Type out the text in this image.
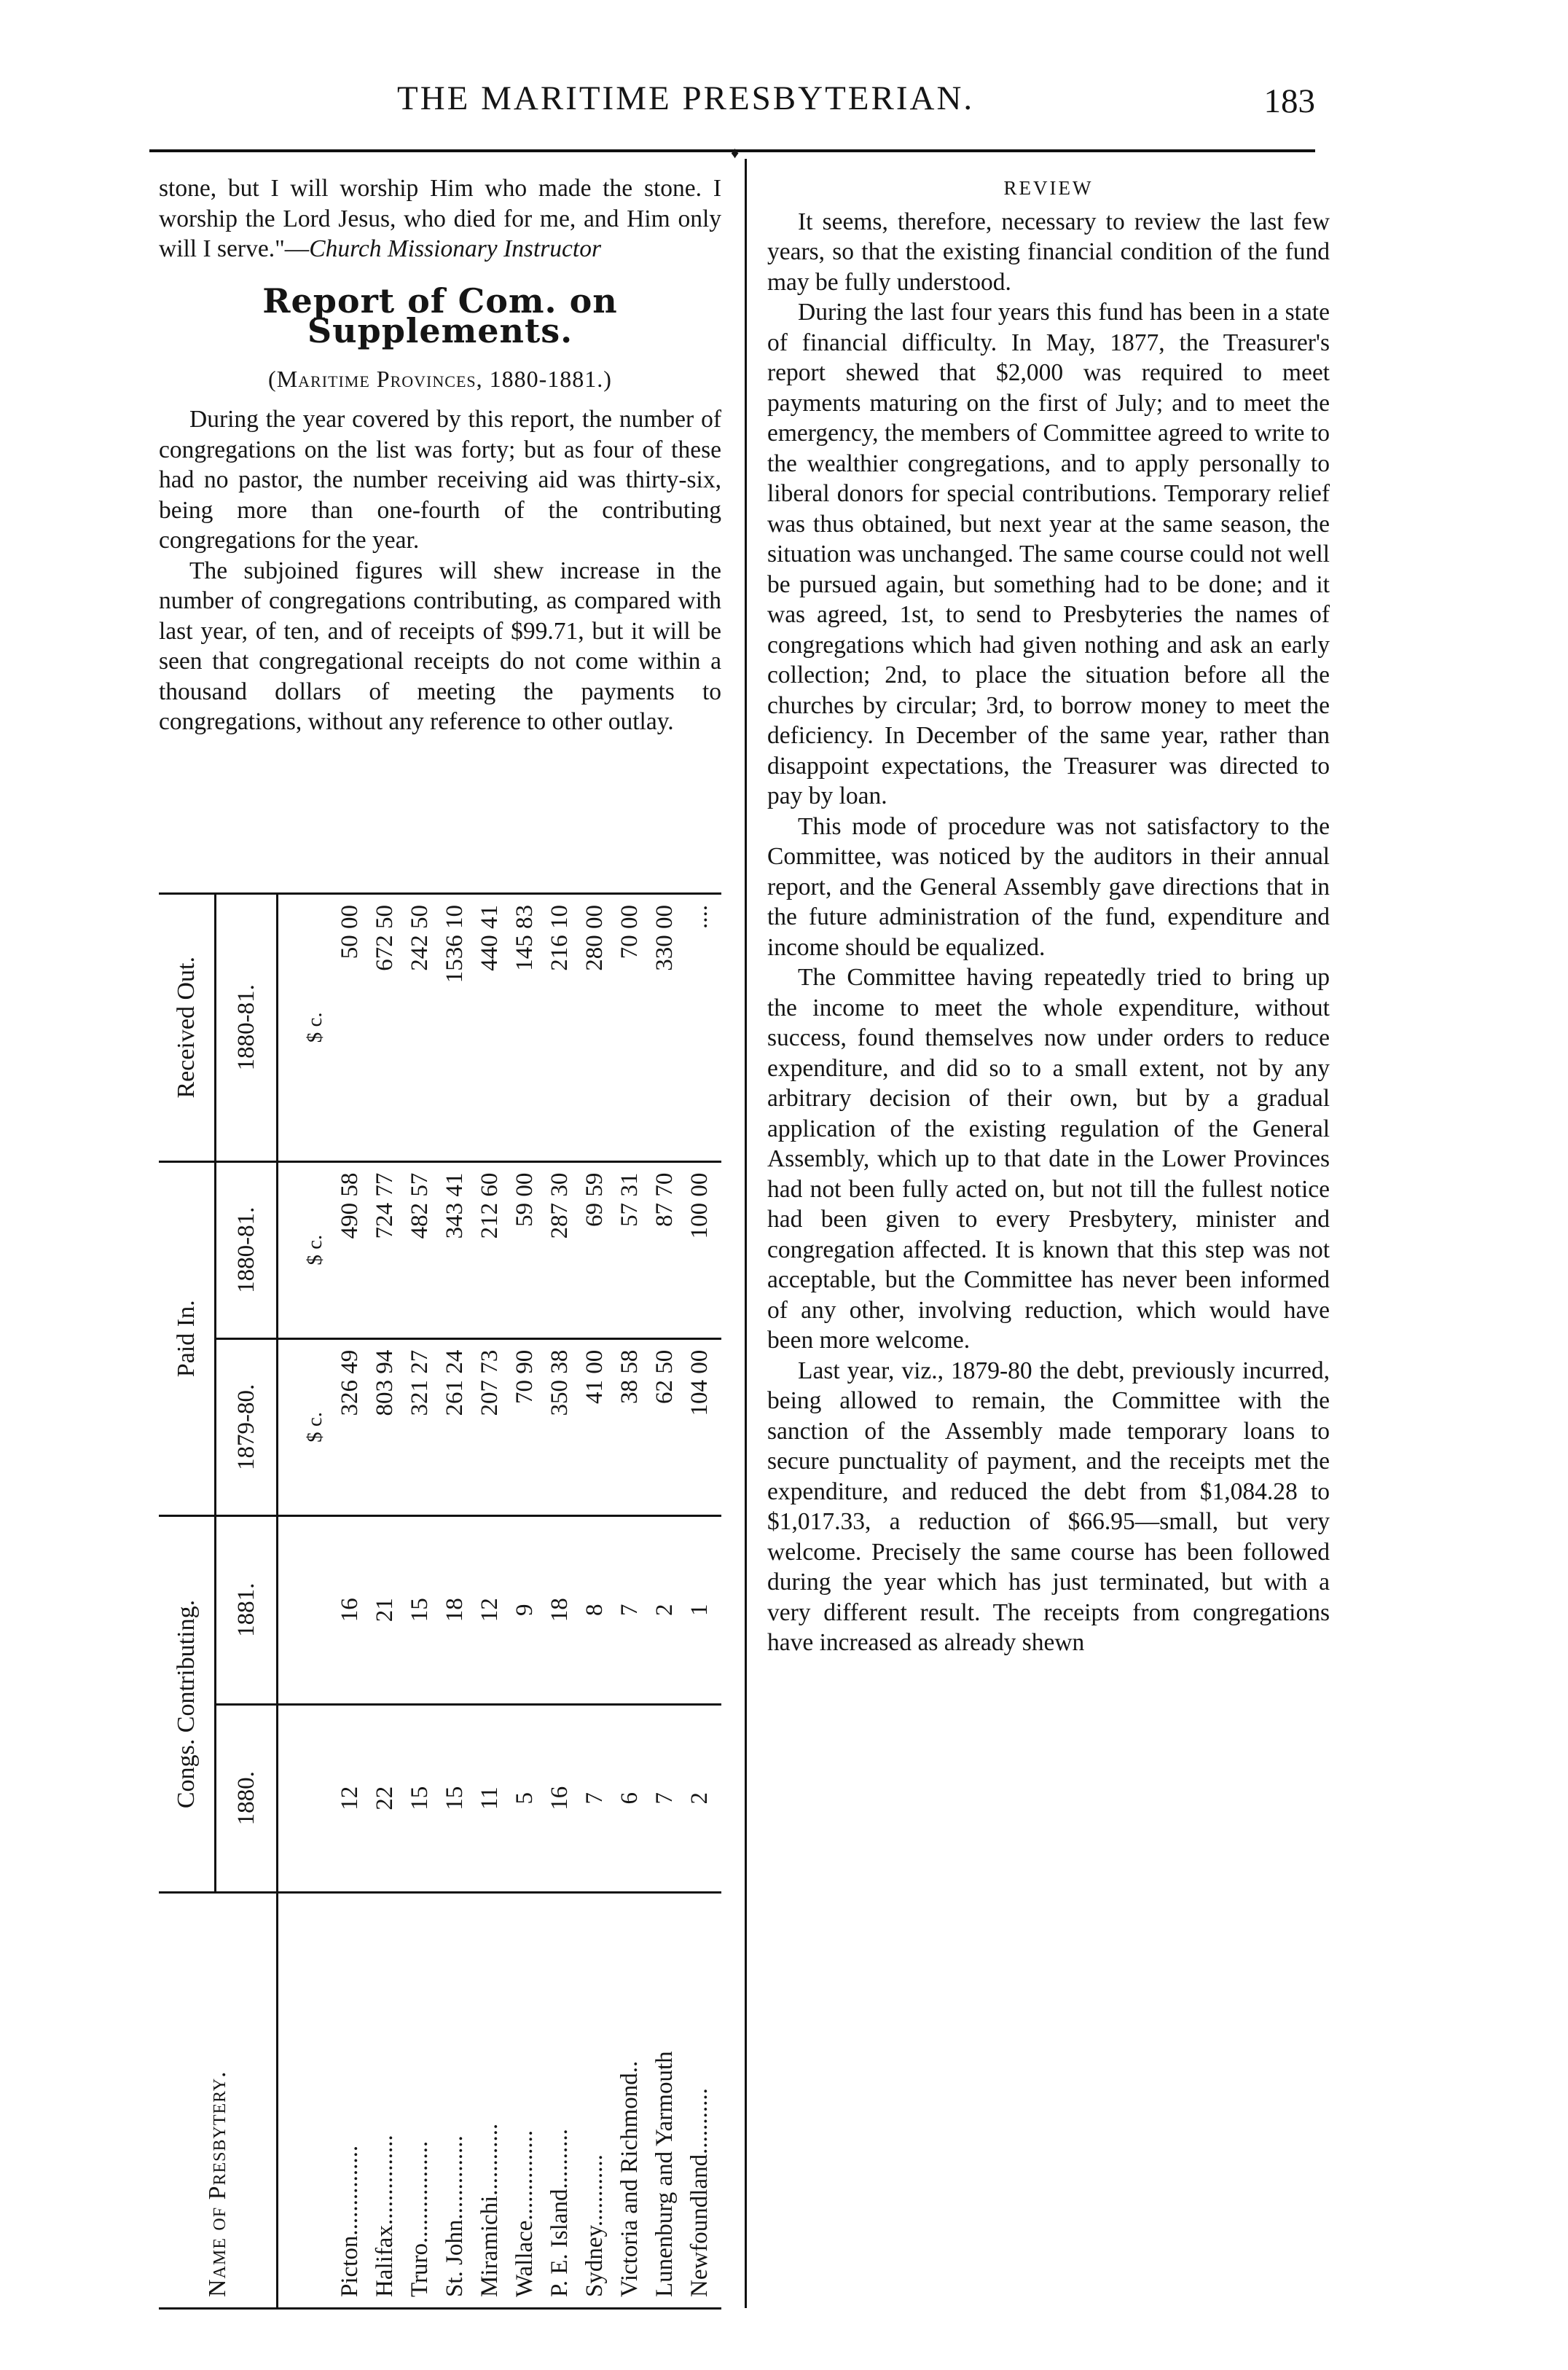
THE MARITIME PRESBYTERIAN.	183
♦

stone, but I will worship Him who made the stone. I worship the Lord Jesus, who died for me, and Him only will I serve."—Church Missionary Instructor

Report of Com. on Supplements.

(Maritime Provinces, 1880-1881.)

During the year covered by this report, the number of congregations on the list was forty; but as four of these had no pastor, the number receiving aid was thirty-six, being more than one-fourth of the contributing congregations for the year.

The subjoined figures will shew increase in the number of congregations contributing, as compared with last year, of ten, and of receipts of $99.71, but it will be seen that congregational receipts do not come within a thousand dollars of meeting the payments to congregations, without any reference to other outlay.

Name of Presbytery.	Congs. Contributing.		Paid In.		Received Out.
	1880.	1881.	1879-80.	1880-81.	1880-81.

			$ c.	$ c.	$ c.
Picton...............	12	16	326 49	490 58	50 00
Halifax...............	22	21	803 94	724 77	672 50
Truro.................	15	15	321 27	482 57	242 50
St. John..............	15	18	261 24	343 41	1536 10
Miramichi............	11	12	207 73	212 60	440 41
Wallace...............	5	9	70 90	59 00	145 83
P. E. Island..........	16	18	350 38	287 30	216 10
Sydney............	7	8	41 00	69 59	280 00
Victoria and Richmond..	6	7	38 58	57 31	70 00
Lunenburg and Yarmouth	7	2	62 50	87 70	330 00
Newfoundland...........	2	1	104 00	100 00	....

REVIEW

It seems, therefore, necessary to review the last few years, so that the existing financial condition of the fund may be fully understood.

During the last four years this fund has been in a state of financial difficulty. In May, 1877, the Treasurer's report shewed that $2,000 was required to meet payments maturing on the first of July; and to meet the emergency, the members of Committee agreed to write to the wealthier congregations, and to apply personally to liberal donors for special contributions. Temporary relief was thus obtained, but next year at the same season, the situation was unchanged. The same course could not well be pursued again, but something had to be done; and it was agreed, 1st, to send to Presbyteries the names of congregations which had given nothing and ask an early collection; 2nd, to place the situation before all the churches by circular; 3rd, to borrow money to meet the deficiency. In December of the same year, rather than disappoint expectations, the Treasurer was directed to pay by loan.

This mode of procedure was not satisfactory to the Committee, was noticed by the auditors in their annual report, and the General Assembly gave directions that in the future administration of the fund, expenditure and income should be equalized.

The Committee having repeatedly tried to bring up the income to meet the whole expenditure, without success, found themselves now under orders to reduce expenditure, and did so to a small extent, not by any arbitrary decision of their own, but by a gradual application of the existing regulation of the General Assembly, which up to that date in the Lower Provinces had not been fully acted on, but not till the fullest notice had been given to every Presbytery, minister and congregation affected. It is known that this step was not acceptable, but the Committee has never been informed of any other, involving reduction, which would have been more welcome.

Last year, viz., 1879-80 the debt, previously incurred, being allowed to remain, the Committee with the sanction of the Assembly made temporary loans to secure punctuality of payment, and the receipts met the expenditure, and reduced the debt from $1,084.28 to $1,017.33, a reduction of $66.95—small, but very welcome. Precisely the same course has been followed during the year which has just terminated, but with a very different result. The receipts from congregations have increased as already shewn
